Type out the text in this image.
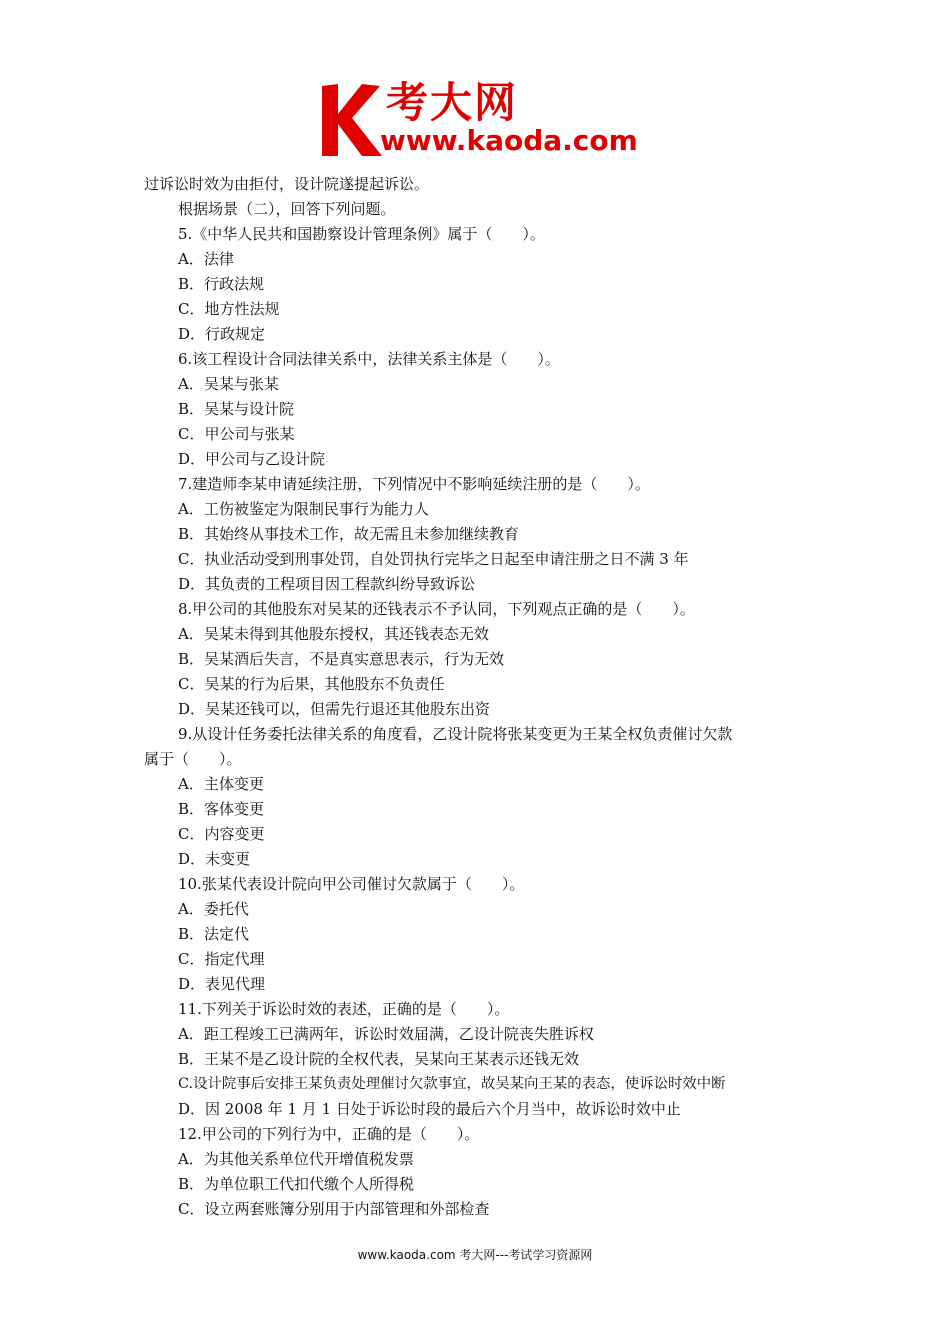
考大网
www.kaoda.com
过诉讼时效为由拒付，设计院遂提起诉讼。
根据场景（二），回答下列问题。
5.《中华人民共和国勘察设计管理条例》属于（　　）。
A．法律
B．行政法规
C．地方性法规
D．行政规定
6.该工程设计合同法律关系中，法律关系主体是（　　）。
A．吴某与张某
B．吴某与设计院
C．甲公司与张某
D．甲公司与乙设计院
7.建造师李某申请延续注册，下列情况中不影响延续注册的是（　　）。
A．工伤被鉴定为限制民事行为能力人
B．其始终从事技术工作，故无需且未参加继续教育
C．执业活动受到刑事处罚，自处罚执行完毕之日起至申请注册之日不满 3 年
D．其负责的工程项目因工程款纠纷导致诉讼
8.甲公司的其他股东对吴某的还钱表示不予认同，下列观点正确的是（　　）。
A．吴某未得到其他股东授权，其还钱表态无效
B．吴某酒后失言，不是真实意思表示，行为无效
C．吴某的行为后果，其他股东不负责任
D．吴某还钱可以，但需先行退还其他股东出资
9.从设计任务委托法律关系的角度看，乙设计院将张某变更为王某全权负责催讨欠款
属于（　　）。
A．主体变更
B．客体变更
C．内容变更
D．未变更
10.张某代表设计院向甲公司催讨欠款属于（　　）。
A．委托代
B．法定代
C．指定代理
D．表见代理
11.下列关于诉讼时效的表述，正确的是（　　）。
A．距工程竣工已满两年，诉讼时效届满，乙设计院丧失胜诉权
B．王某不是乙设计院的全权代表，吴某向王某表示还钱无效
C.设计院事后安排王某负责处理催讨欠款事宜，故吴某向王某的表态，使诉讼时效中断
D．因 2008 年 1 月 1 日处于诉讼时段的最后六个月当中，故诉讼时效中止
12.甲公司的下列行为中，正确的是（　　）。
A．为其他关系单位代开增值税发票
B．为单位职工代扣代缴个人所得税
C．设立两套账簿分别用于内部管理和外部检查
www.kaoda.com 考大网---考试学习资源网
